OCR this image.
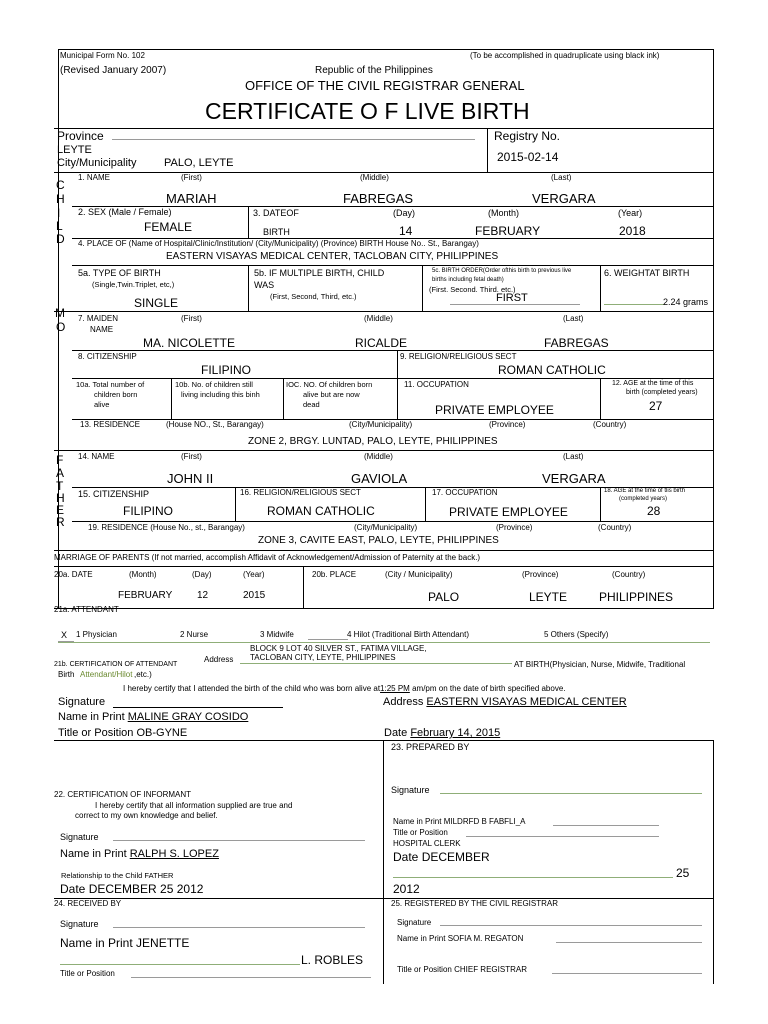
Municipal Form No. 102	(To be accomplished in quadruplicate using black ink)
(Revised January 2007)	Republic of the Philippines
OFFICE OF THE CIVIL REGISTRAR GENERAL
CERTIFICATE O F LIVE BIRTH
Province
LEYTE
City/Municipality	PALO, LEYTE
Registry No.
2015-02-14
C
H
I
L
D
M
O
F
A
T
H
E
R
1. NAME	(First)	(Middle)	(Last)
MARIAH	FABREGAS	VERGARA
2. SEX (Male / Female)
FEMALE
3. DATEOF
BIRTH
(Day)	(Month)	(Year)
14	FEBRUARY	2018
4. PLACE OF (Name of Hospital/Clinic/Institution/ (City/Municipality) (Province) BIRTH House No.. St., Barangay)
EASTERN VISAYAS MEDICAL CENTER, TACLOBAN CITY, PHILIPPINES
5a. TYPE OF BIRTH
(Single,Twin.Triplet, etc,)
SINGLE
5b. IF MULTIPLE BIRTH, CHILD
WAS
(First, Second, Third, etc.)
5c. BIRTH ORDER(Order ofthis birth to previous live
births including fetal death)
(First. Second. Third. etc.)
FIRST
6. WEIGHTAT BIRTH
2.24 grams
7. MAIDEN
NAME
(First)	(Middle)	(Last)
MA. NICOLETTE	RICALDE	FABREGAS
8. CITIZENSHIP
FILIPINO
9. RELIGION/RELIGIOUS SECT
ROMAN CATHOLIC
10a. Total number of
children born
alive
10b. No. of children still
living including this binh
IOC. NO. Of children born
alive but are now
dead
11. OCCUPATION
PRIVATE EMPLOYEE
12. AGE at the time of this
birth (completed years)
27
13. RESIDENCE	(House NO., St., Barangay)	(City/Municipality)	(Province)	(Country)
ZONE 2, BRGY. LUNTAD, PALO, LEYTE, PHILIPPINES
14. NAME	(First)	(Middle)	(Last)
JOHN II	GAVIOLA	VERGARA
15. CITIZENSHIP
FILIPINO
16. RELIGION/RELIGIOUS SECT
ROMAN CATHOLIC
17. OCCUPATION
PRIVATE EMPLOYEE
18. AGE at the time of tlis birth
(completed years)
28
19. RESIDENCE (House No., st., Barangay)	(City/Municipality)	(Province)	(Country)
ZONE 3, CAVITE EAST, PALO, LEYTE, PHILIPPINES
MARRIAGE OF PARENTS (If not married, accomplish Affidavit of Acknowledgement/Admission of Paternity at the back.)
20a. DATE	(Month)	(Day)	(Year)
FEBRUARY 12	2015
20b. PLACE	(City / Municipality)	(Province)	(Country)
PALO	LEYTE	PHILIPPINES
21a. ATTENDANT
X 1 Physician	2 Nurse	3 Midwife	4 Hilot (Traditional Birth Attendant)	5 Others (Specify)
BLOCK 9 LOT 40 SILVER ST., FATIMA VILLAGE,
TACLOBAN CITY, LEYTE, PHILIPPINES
21b. CERTIFICATION OF ATTENDANT
Address
AT BIRTH(Physician, Nurse, Midwife, Traditional
Birth Attendant/Hilot ,etc.)
I hereby certify that I attended the birth of the child who was born alive at1:25 PM am/pm on the date of birth specified above.
Signature
Name in Print MALINE GRAY COSIDO
Title or Position OB-GYNE
Address EASTERN VISAYAS MEDICAL CENTER
Date February 14, 2015
22. CERTIFICATION OF INFORMANT
I hereby certify that all information supplied are true and
correct to my own knowledge and belief.
Signature
Name in Print RALPH S. LOPEZ
Relationship to the Child FATHER
Date DECEMBER 25 2012
23. PREPARED BY
Signature
Name in Print MILDRFD B FABFLI_A
Title or Position
HOSPITAL CLERK
Date DECEMBER
25
2012
24. RECEIVED BY
Signature
Name in Print JENETTE
L. ROBLES
Title or Position
25. REGISTERED BY THE CIVIL REGISTRAR
Signature
Name in Print SOFIA M. REGATON
Title or Position CHIEF REGISTRAR
